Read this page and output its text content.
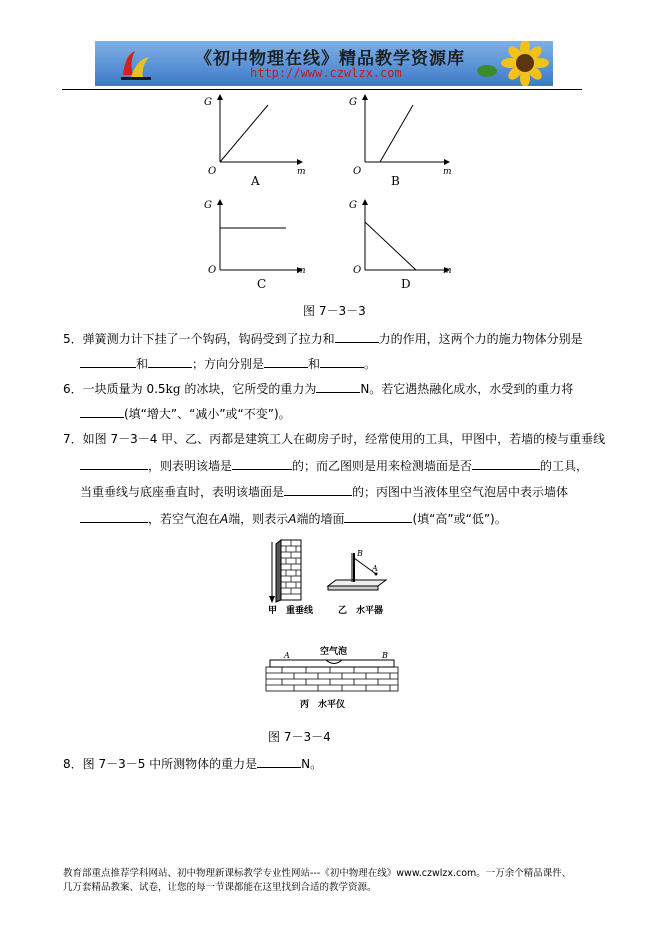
《初中物理在线》精品教学资源库
http://www.czwlzx.com
G
O	m
A
G
O	m
B
G
O	m
C
G
O	m
D
图 7－3－3
5．弹簧测力计下挂了一个钩码，钩码受到了拉力和	力的作用，这两个力的施力物体分别是
和	；方向分别是	和	。
6．一块质量为 0.5kg 的冰块，它所受的重力为	N。若它遇热融化成水，水受到的重力将
(填“增大”、“减小”或“不变”)。
7．如图 7－3－4 甲、乙、丙都是建筑工人在砌房子时，经常使用的工具，甲图中，若墙的棱与重垂线
，则表明该墙是	的；而乙图则是用来检测墙面是否	的工具，
当重垂线与底座垂直时，表明该墙面是	的；丙图中当液体里空气泡居中表示墙体
，若空气泡在A端，则表示A端的墙面	(填“高”或“低”)。
B
A
甲　重垂线	乙　水平器
A	B
空气泡
丙　水平仪
图 7－3－4
8．图 7－3－5 中所测物体的重力是	N。
教育部重点推荐学科网站、初中物理新课标教学专业性网站---《初中物理在线》www.czwlzx.com。一万余个精品课件、
几万套精品教案、试卷，让您的每一节课都能在这里找到合适的教学资源。
